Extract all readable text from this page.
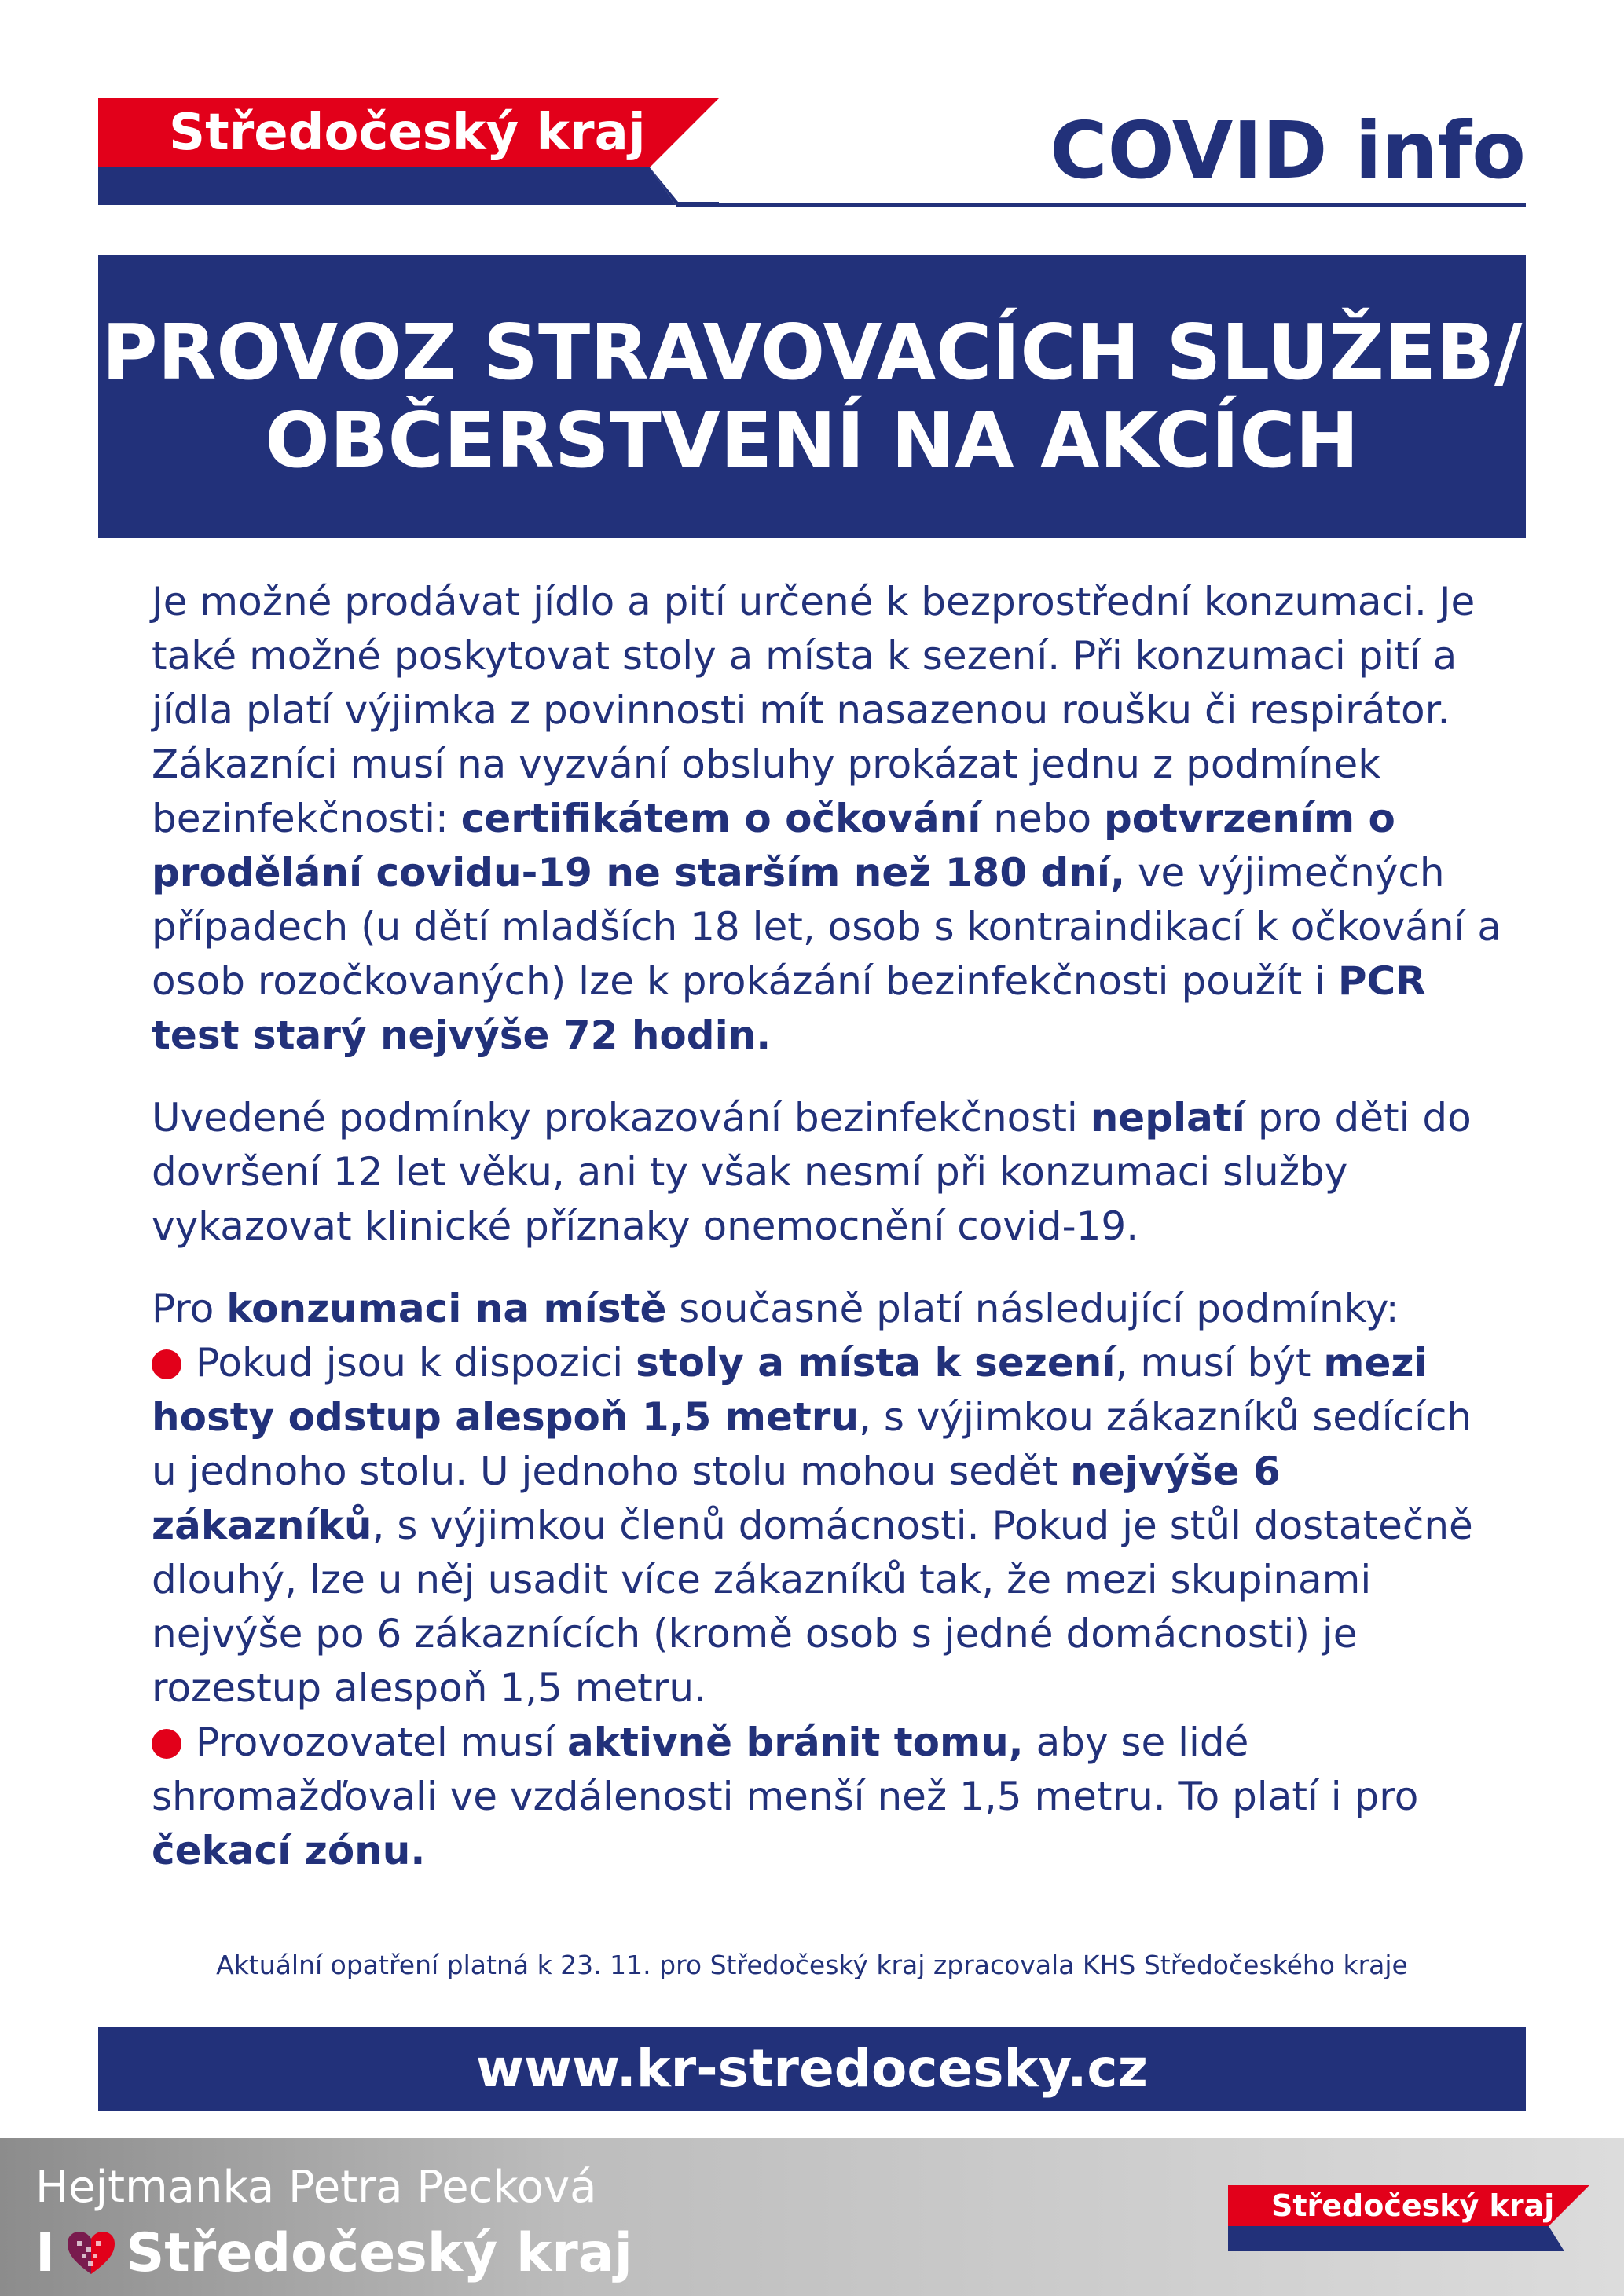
Středočeský kraj	COVID info
PROVOZ STRAVOVACÍCH SLUŽEB/
OBČERSTVENÍ NA AKCÍCH

Je možné prodávat jídlo a pití určené k bezprostřední konzumaci. Je také možné poskytovat stoly a místa k sezení. Při konzumaci pití a jídla platí výjimka z povinnosti mít nasazenou roušku či respirátor. Zákazníci musí na vyzvání obsluhy prokázat jednu z podmínek bezinfekčnosti: certifikátem o očkování nebo potvrzením o prodělání covidu-19 ne starším než 180 dní, ve výjimečných případech (u dětí mladších 18 let, osob s kontraindikací k očkování a osob rozočkovaných) lze k prokázání bezinfekčnosti použít i PCR test starý nejvýše 72 hodin.

Uvedené podmínky prokazování bezinfekčnosti neplatí pro děti do dovršení 12 let věku, ani ty však nesmí při konzumaci služby vykazovat klinické příznaky onemocnění covid-19.

Pro konzumaci na místě současně platí následující podmínky:
Pokud jsou k dispozici stoly a místa k sezení, musí být mezi hosty odstup alespoň 1,5 metru, s výjimkou zákazníků sedících u jednoho stolu. U jednoho stolu mohou sedět nejvýše 6 zákazníků, s výjimkou členů domácnosti. Pokud je stůl dostatečně dlouhý, lze u něj usadit více zákazníků tak, že mezi skupinami nejvýše po 6 zákaznících (kromě osob s jedné domácnosti) je rozestup alespoň 1,5 metru.
Provozovatel musí aktivně bránit tomu, aby se lidé shromažďovali ve vzdálenosti menší než 1,5 metru. To platí i pro čekací zónu.

Aktuální opatření platná k 23. 11. pro Středočeský kraj zpracovala KHS Středočeského kraje
www.kr-stredocesky.cz
Hejtmanka Petra Pecková
I Středočeský kraj
Středočeský kraj
